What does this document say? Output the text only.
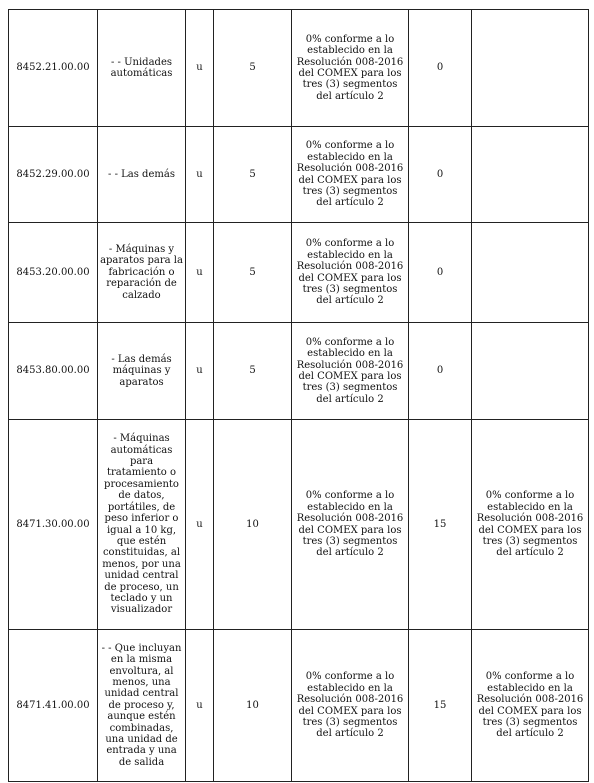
8452.21.00.00	- - Unidades automáticas	u	5	0% conforme a lo establecido en la Resolución 008-2016 del COMEX para los tres (3) segmentos del artículo 2	0	
8452.29.00.00	- - Las demás	u	5	0% conforme a lo establecido en la Resolución 008-2016 del COMEX para los tres (3) segmentos del artículo 2	0	
8453.20.00.00	- Máquinas y aparatos para la fabricación o reparación de calzado	u	5	0% conforme a lo establecido en la Resolución 008-2016 del COMEX para los tres (3) segmentos del artículo 2	0	
8453.80.00.00	- Las demás máquinas y aparatos	u	5	0% conforme a lo establecido en la Resolución 008-2016 del COMEX para los tres (3) segmentos del artículo 2	0	
8471.30.00.00	- Máquinas automáticas para tratamiento o procesamiento de datos, portátiles, de peso inferior o igual a 10 kg, que estén constituidas, al menos, por una unidad central de proceso, un teclado y un visualizador	u	10	0% conforme a lo establecido en la Resolución 008-2016 del COMEX para los tres (3) segmentos del artículo 2	15	0% conforme a lo establecido en la Resolución 008-2016 del COMEX para los tres (3) segmentos del artículo 2
8471.41.00.00	- - Que incluyan en la misma envoltura, al menos, una unidad central de proceso y, aunque estén combinadas, una unidad de entrada y una de salida	u	10	0% conforme a lo establecido en la Resolución 008-2016 del COMEX para los tres (3) segmentos del artículo 2	15	0% conforme a lo establecido en la Resolución 008-2016 del COMEX para los tres (3) segmentos del artículo 2
